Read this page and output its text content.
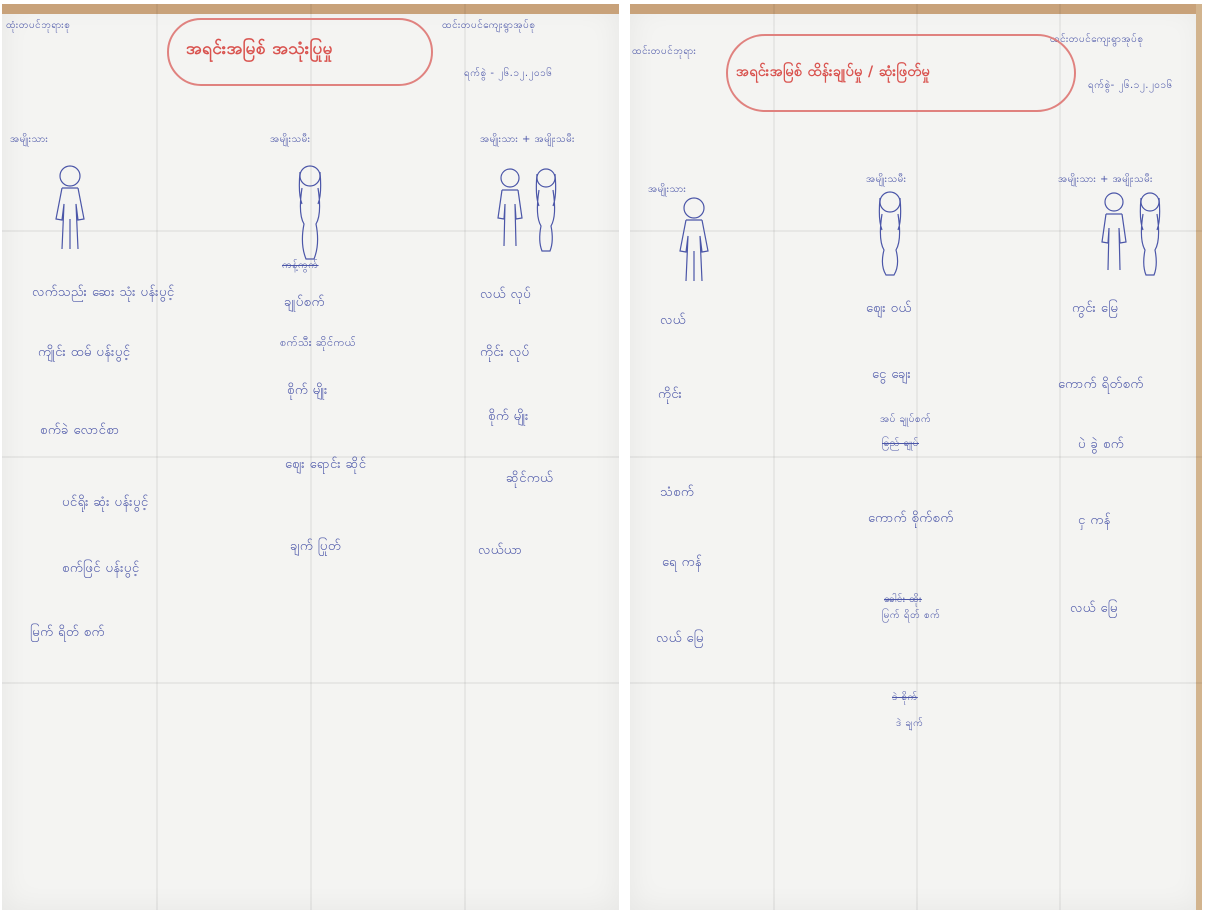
ထုံးတပင်ဘုရားစု	ထင်းတပင်ကျေးရွာအုပ်စု
အရင်းအမြစ် အသုံးပြုမှု
ရက်စွဲ - ၂၆.၁၂.၂၀၁၆
အမျိုးသား	အမျိုးသမီး	အမျိုးသား + အမျိုးသမီး
လက်သည်း ဆေး သုံး ပန်းပွင့်
ကျိုင်း ထမ် ပန်းပွင့်
စက်ခဲ လောင်စာ
ပင်ရိုး ဆုံး ပန်းပွင့်
စက်ဖြင် ပန်းပွင့်
မြက် ရိတ် စက်
ကန့်ကွက်
ချုပ်စက်
စက်သီး ဆိုင်ကယ်
စိုက် မျိုး
ဈေး ရောင်း ဆိုင်
ချက် ပြုတ်
လယ် လုပ်
ကိုင်း လုပ်
စိုက် မျိုး
ဆိုင်ကယ်
လယ်ယာ
ထင်းတပင်ဘုရား
ထင်းတပင်ကျေးရွာအုပ်စု
အရင်းအမြစ် ထိန်းချုပ်မှု / ဆုံးဖြတ်မှု
ရက်စွဲ- ၂၆.၁၂.၂၀၁၆
အမျိုးသား
အမျိုးသမီး	အမျိုးသား + အမျိုးသမီး
လယ်
ကိုင်း
သံစက်
ရေ ကန်
လယ် မြေ
ဈေး ဝယ်
ငွေ ချေး
အပ် ချုပ်စက်
ခြည် ချုပ်
ကောက် စိုက်စက်
ခေါင်း ထိုး
မြက် ရိတ် စက်
ဒဲ စိုက်
ဒဲ ချက်
ကွင်း မြေ
ကောက် ရိတ်စက်
ပဲ ခွဲ စက်
ငှ ကန်
လယ် မြေ
